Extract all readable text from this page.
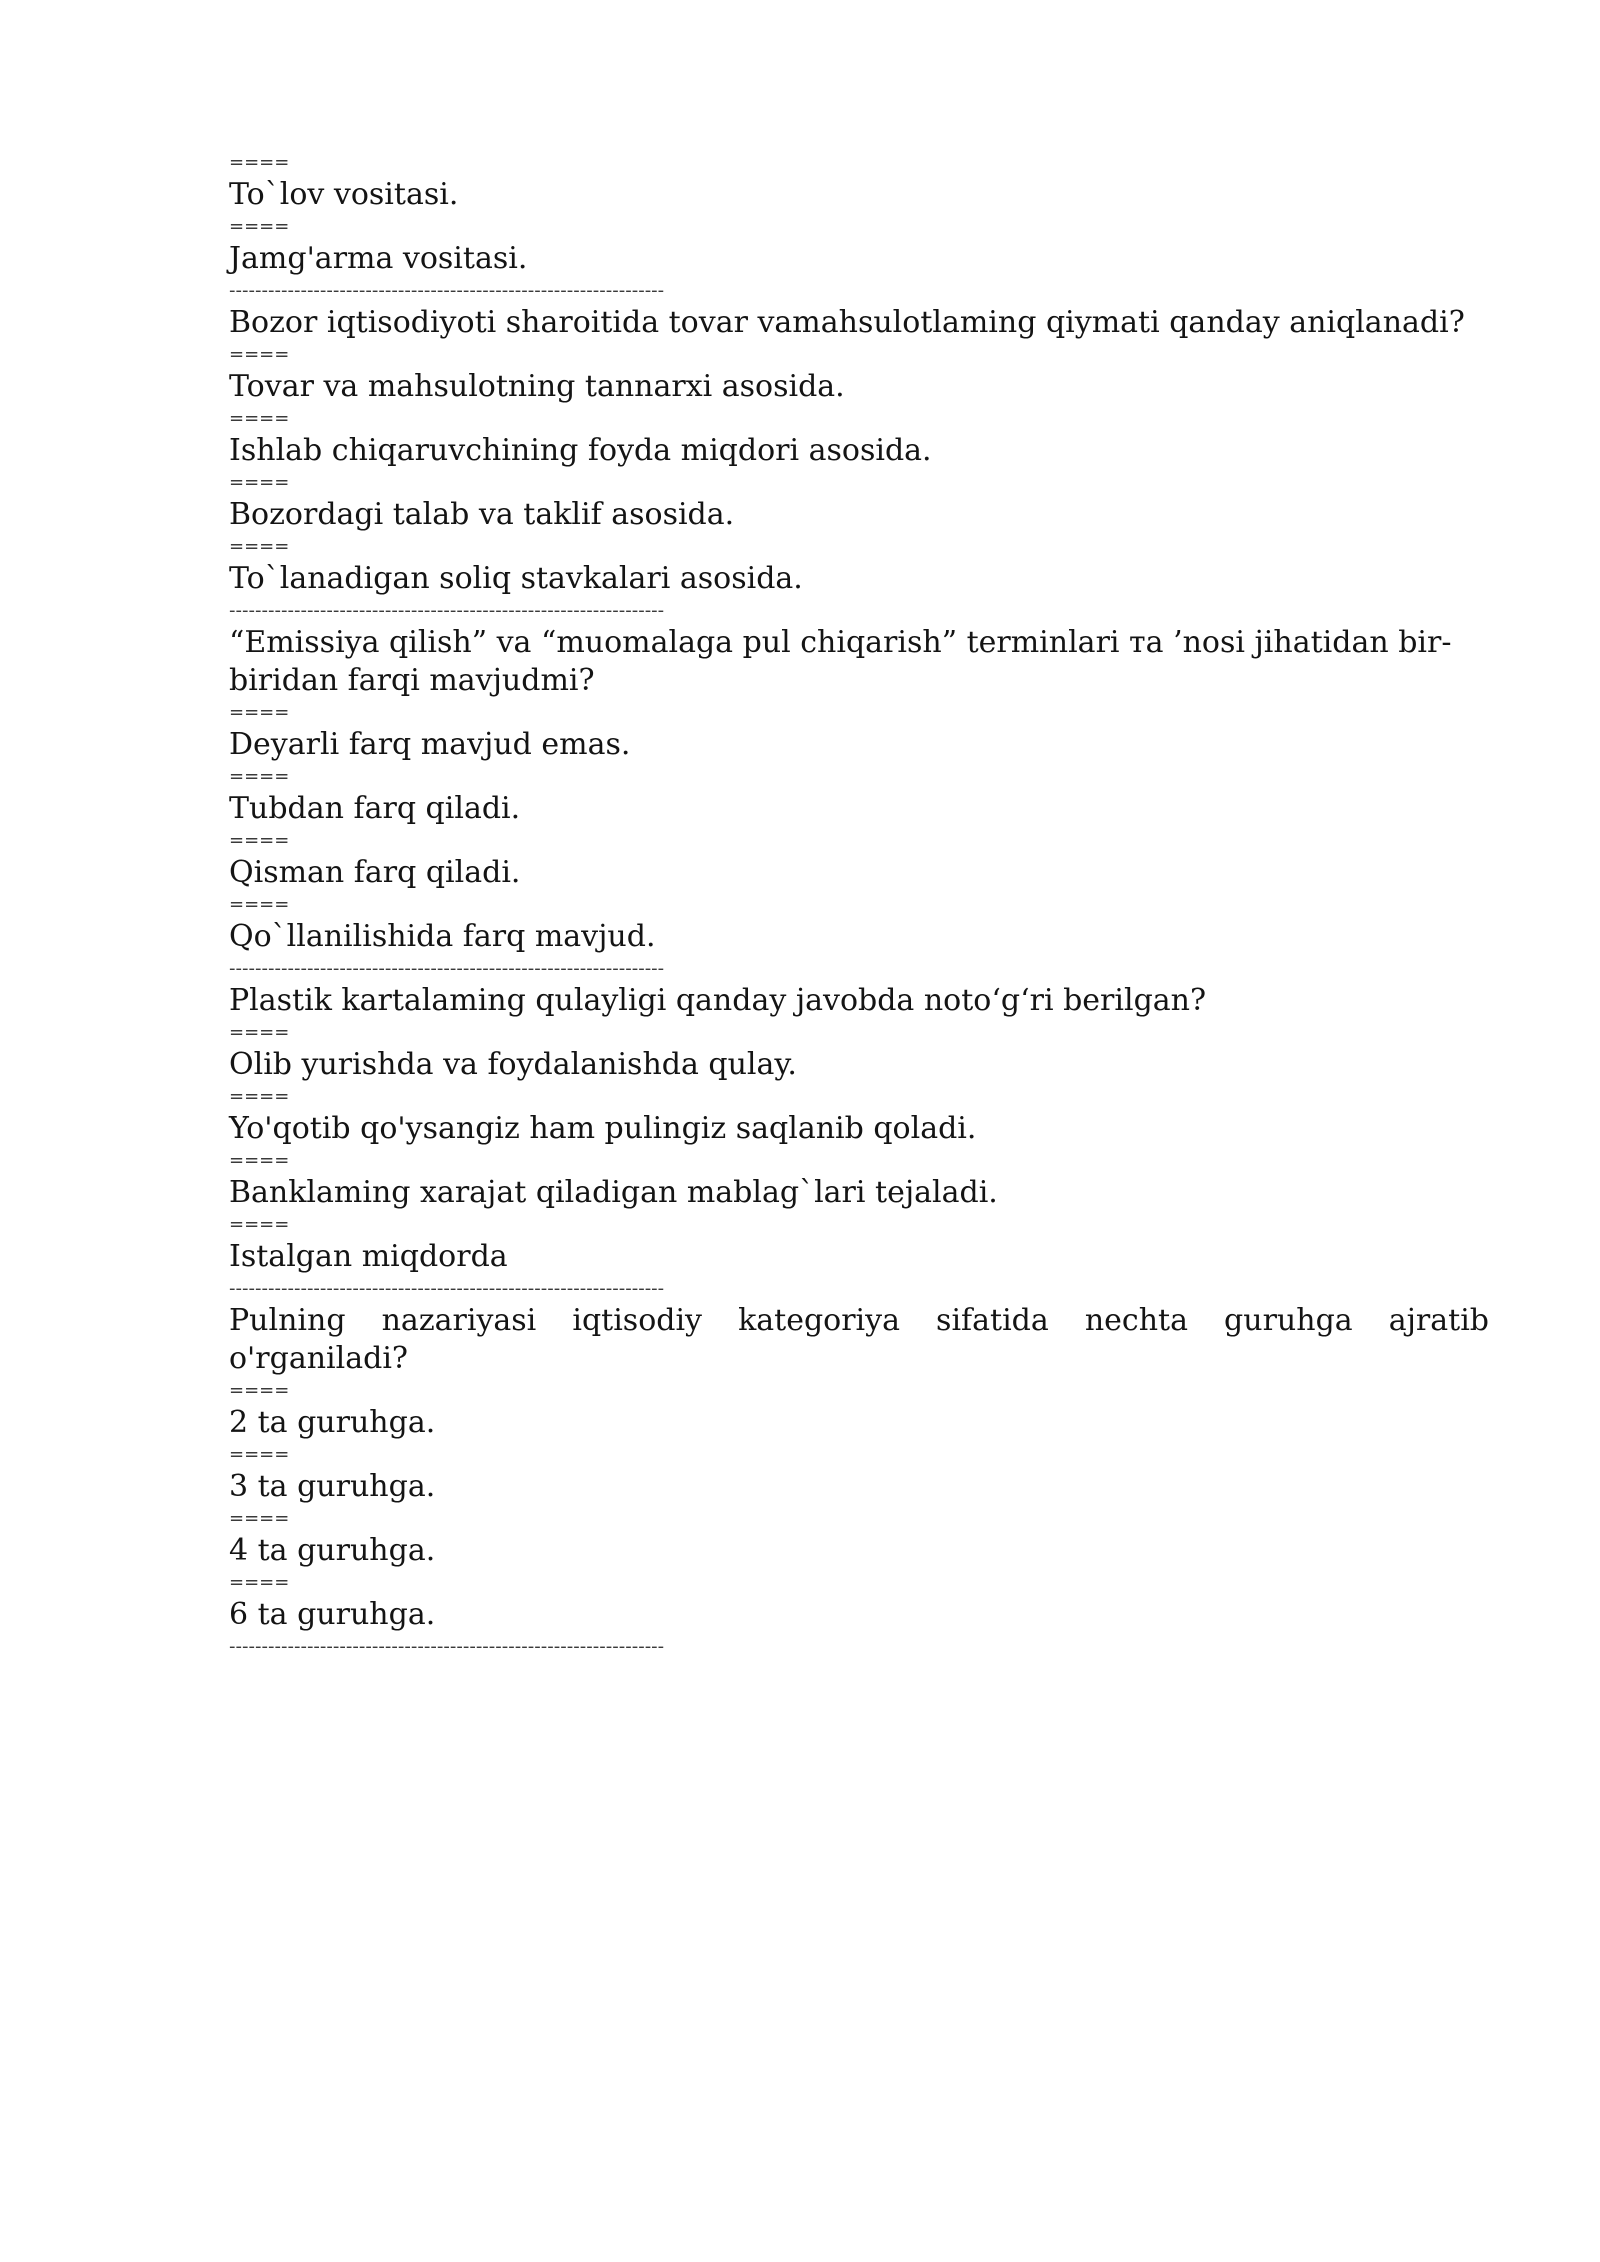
====

To`lov vositasi.

====

Jamg'arma vositasi.

-------------------------------------------------------------------

Bozor iqtisodiyoti sharoitida tovar vamahsulotlaming qiymati qanday aniqlanadi?

====

Tovar va mahsulotning tannarxi asosida.

====

Ishlab chiqaruvchining foyda miqdori asosida.

====

Bozordagi talab va taklif asosida.

====

To`lanadigan soliq stavkalari asosida.

-------------------------------------------------------------------

“Emissiya qilish” va “muomalaga pul chiqarish” terminlari ᴛa ’nosi jihatidan bir-biridan farqi mavjudmi?

====

Deyarli farq mavjud emas.

====

Tubdan farq qiladi.

====

Qisman farq qiladi.

====

Qo`llanilishida farq mavjud.

-------------------------------------------------------------------

Plastik kartalaming qulayligi qanday javobda noto‘g‘ri berilgan?

====

Olib yurishda va foydalanishda qulay.

====

Yo'qotib qo'ysangiz ham pulingiz saqlanib qoladi.

====

Banklaming xarajat qiladigan mablag`lari tejaladi.

====

Istalgan miqdorda

-------------------------------------------------------------------

Pulning nazariyasi iqtisodiy kategoriya sifatida nechta guruhga ajratib o'rganiladi?

====

2 ta guruhga.

====

3 ta guruhga.

====

4 ta guruhga.

====

6 ta guruhga.

-------------------------------------------------------------------
